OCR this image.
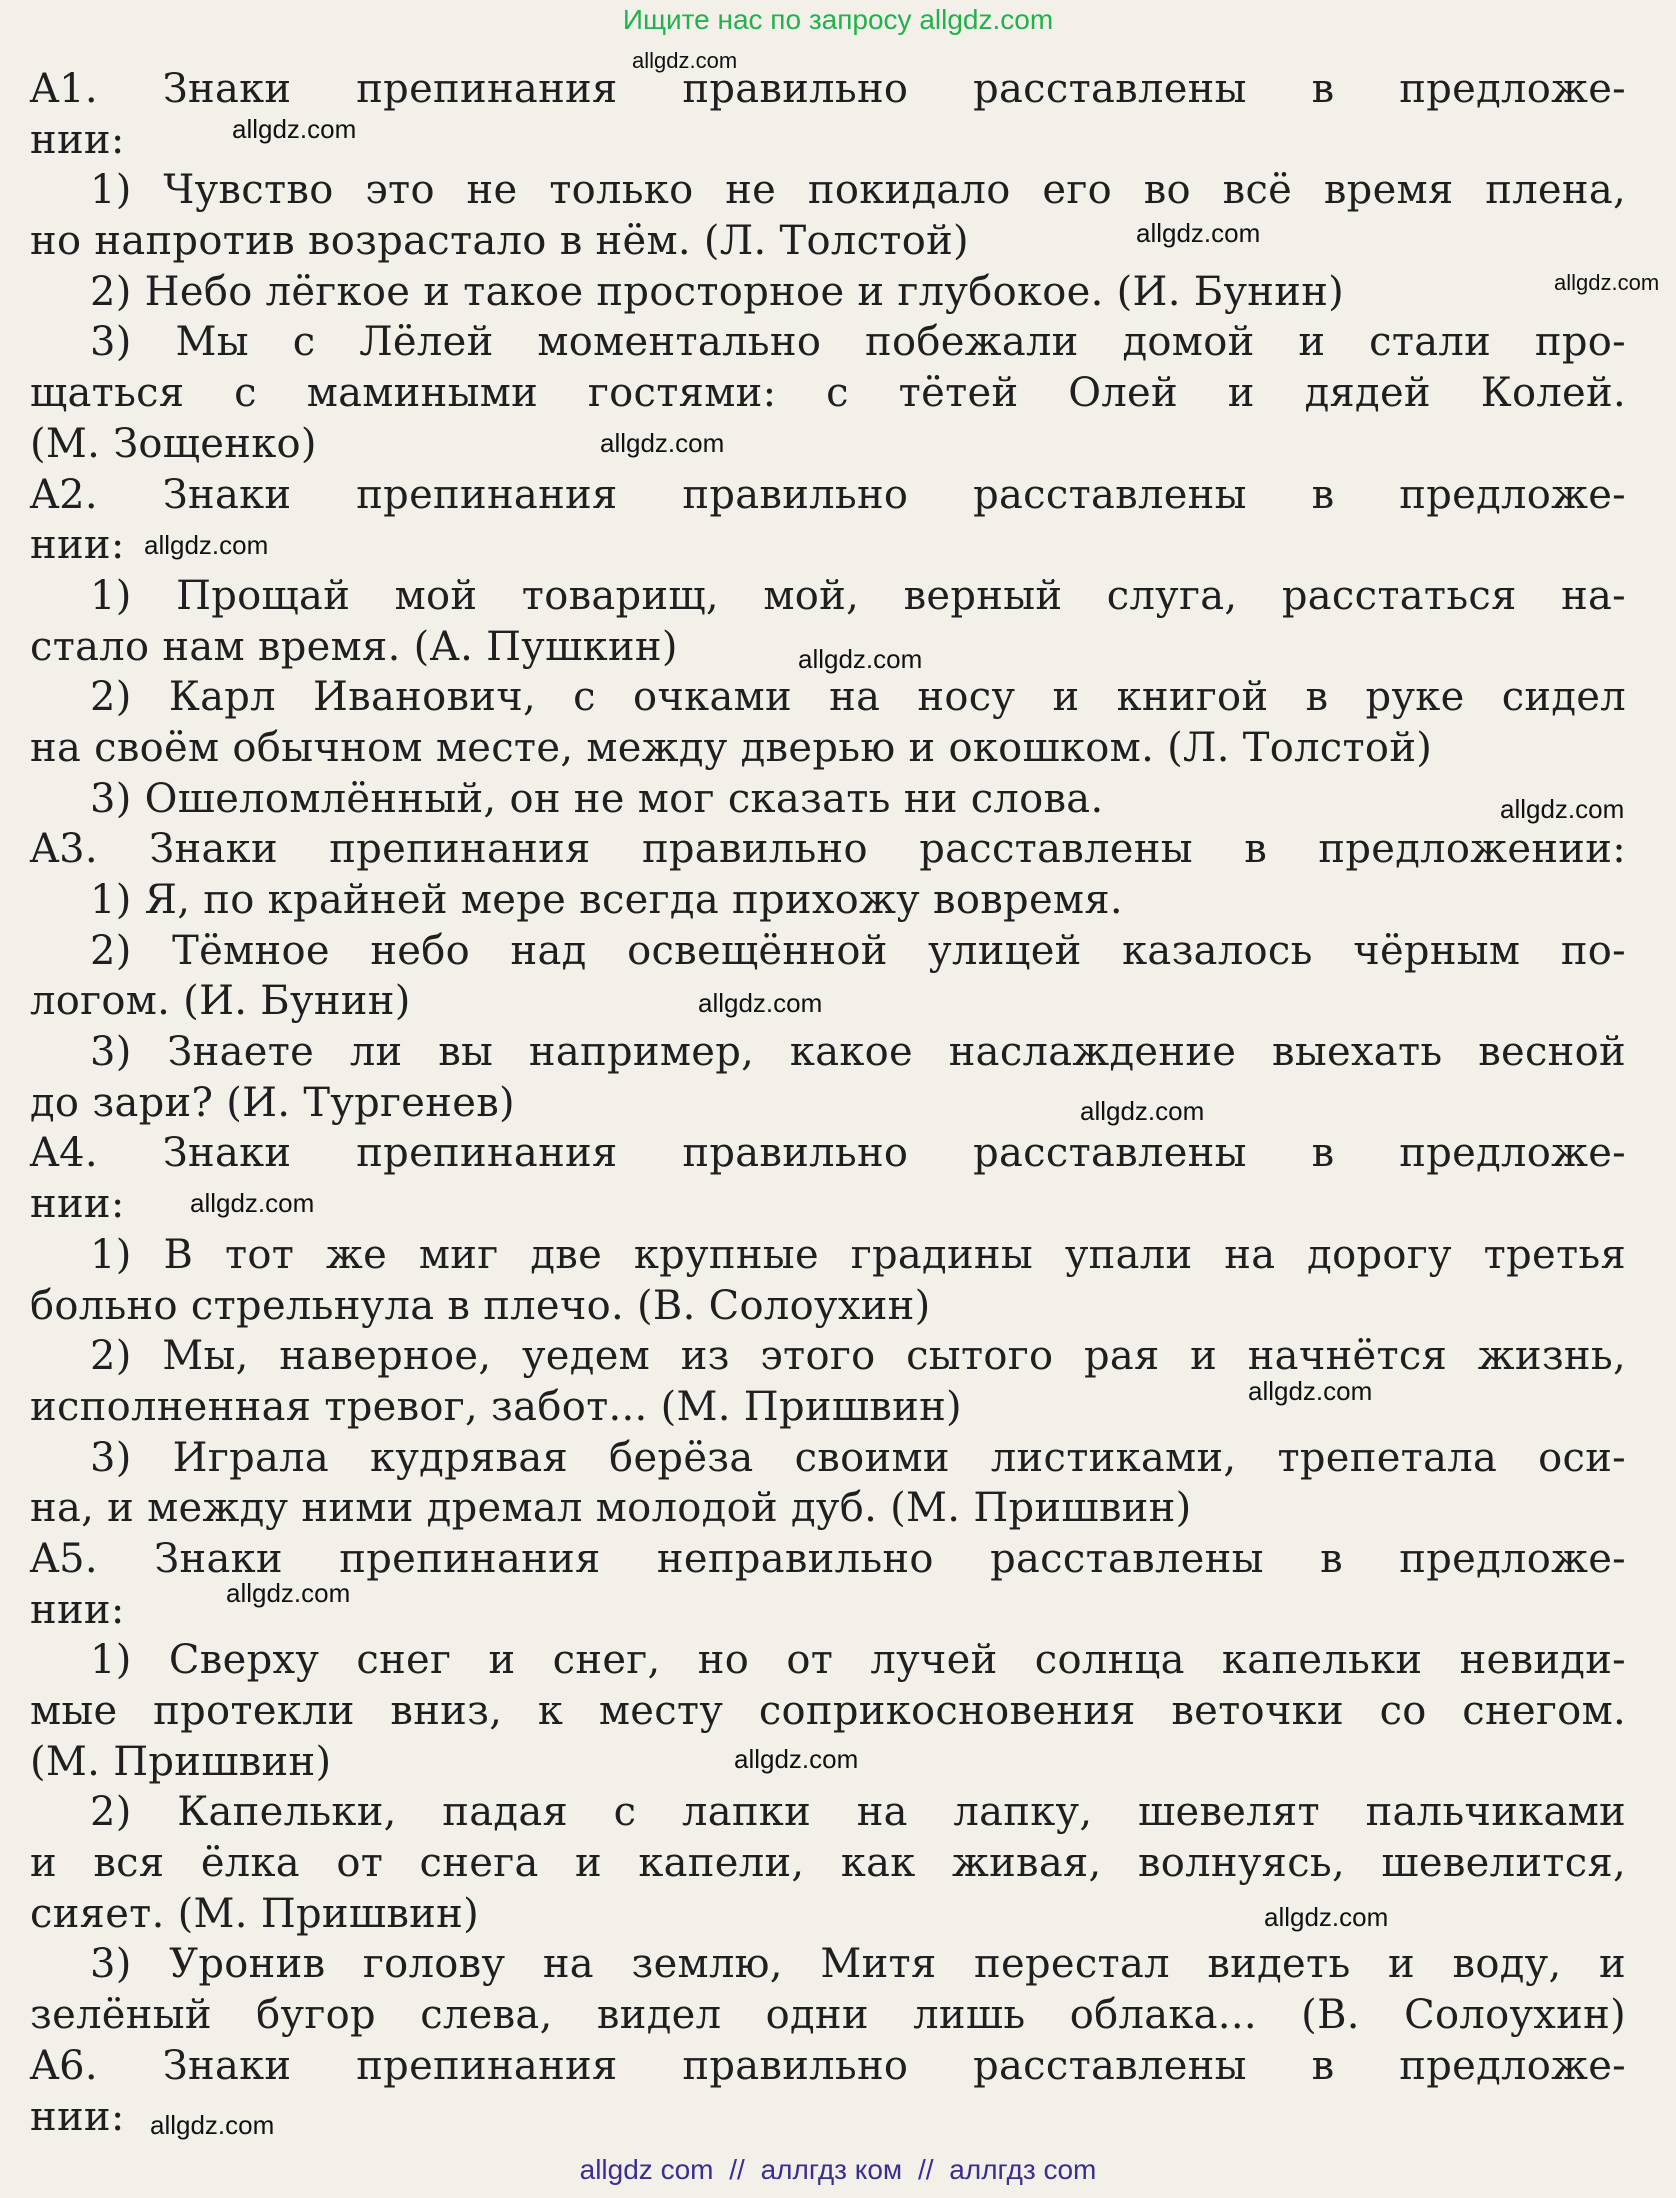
Ищите нас по запросу allgdz.com
A1. Знаки препинания правильно расставлены в предложе-
нии:
1) Чувство это не только не покидало его во всё время плена,
но напротив возрастало в нём. (Л. Толстой)
2) Небо лёгкое и такое просторное и глубокое. (И. Бунин)
3) Мы с Лёлей моментально побежали домой и стали про-
щаться с мамиными гостями: с тётей Олей и дядей Колей.
(М. Зощенко)
A2. Знаки препинания правильно расставлены в предложе-
нии:
1) Прощай мой товарищ, мой, верный слуга, расстаться на-
стало нам время. (А. Пушкин)
2) Карл Иванович, с очками на носу и книгой в руке сидел
на своём обычном месте, между дверью и окошком. (Л. Толстой)
3) Ошеломлённый, он не мог сказать ни слова.
A3. Знаки препинания правильно расставлены в предложении:
1) Я, по крайней мере всегда прихожу вовремя.
2) Тёмное небо над освещённой улицей казалось чёрным по-
логом. (И. Бунин)
3) Знаете ли вы например, какое наслаждение выехать весной
до зари? (И. Тургенев)
A4. Знаки препинания правильно расставлены в предложе-
нии:
1) В тот же миг две крупные градины упали на дорогу третья
больно стрельнула в плечо. (В. Солоухин)
2) Мы, наверное, уедем из этого сытого рая и начнётся жизнь,
исполненная тревог, забот... (М. Пришвин)
3) Играла кудрявая берёза своими листиками, трепетала оси-
на, и между ними дремал молодой дуб. (М. Пришвин)
A5. Знаки препинания неправильно расставлены в предложе-
нии:
1) Сверху снег и снег, но от лучей солнца капельки невиди-
мые протекли вниз, к месту соприкосновения веточки со снегом.
(М. Пришвин)
2) Капельки, падая с лапки на лапку, шевелят пальчиками
и вся ёлка от снега и капели, как живая, волнуясь, шевелится,
сияет. (М. Пришвин)
3) Уронив голову на землю, Митя перестал видеть и воду, и
зелёный бугор слева, видел одни лишь облака... (В. Солоухин)
A6. Знаки препинания правильно расставлены в предложе-
нии:
allgdz.com
allgdz.com
allgdz.com
allgdz.com
allgdz.com
allgdz.com
allgdz.com
allgdz.com
allgdz.com
allgdz.com
allgdz.com
allgdz.com
allgdz.com
allgdz.com
allgdz.com
allgdz.com
allgdz com // аллгдз ком // аллгдз com
